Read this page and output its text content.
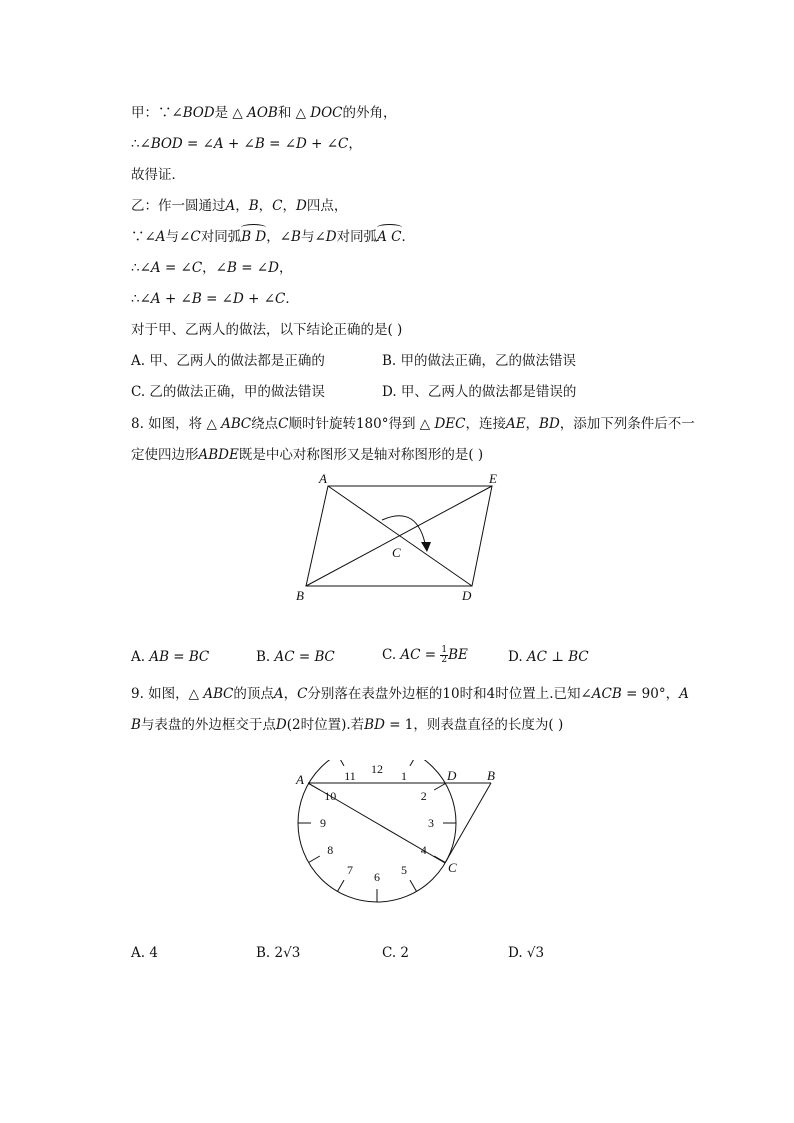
甲：∵∠𝐵𝑂𝐷是 △ 𝐴𝑂𝐵和 △ 𝐷𝑂𝐶的外角，
∴∠𝐵𝑂𝐷 = ∠𝐴 + ∠𝐵 = ∠𝐷 + ∠𝐶，
故得证．
乙：作一圆通过𝐴，𝐵，𝐶，𝐷四点，
∵∠𝐴与∠𝐶对同弧𝐵 𝐷，∠𝐵与∠𝐷对同弧𝐴 𝐶．
∴∠𝐴 = ∠𝐶，∠𝐵 = ∠𝐷，
∴∠𝐴 + ∠𝐵 = ∠𝐷 + ∠𝐶．
对于甲、乙两人的做法，以下结论正确的是( )
A. 甲、乙两人的做法都是正确的	B. 甲的做法正确，乙的做法错误
C. 乙的做法正确，甲的做法错误	D. 甲、乙两人的做法都是错误的
8. 如图，将 △ 𝐴𝐵𝐶绕点𝐶顺时针旋转180°得到 △ 𝐷𝐸𝐶，连接𝐴𝐸，𝐵𝐷，添加下列条件后不一
定使四边形𝐴𝐵𝐷𝐸既是中心对称图形又是轴对称图形的是( )
A	E
C
B	D
A. 𝐴𝐵 = 𝐵𝐶	B. 𝐴𝐶 = 𝐵𝐶	C. 𝐴𝐶 = $\frac{1}{2}$ 𝐵𝐸	D. 𝐴𝐶 ⊥ 𝐵𝐶
9. 如图，△ 𝐴𝐵𝐶的顶点𝐴，𝐶分别落在表盘外边框的10时和4时位置上.已知∠𝐴𝐶𝐵 = 90°，𝐴
𝐵与表盘的外边框交于点𝐷(2时位置).若𝐵𝐷 = 1，则表盘直径的长度为( )
12
1
2
3
4
5
6
7
8
9
10
11
A	D B
C
A. 4	B. 2√3	C. 2	D. √3
